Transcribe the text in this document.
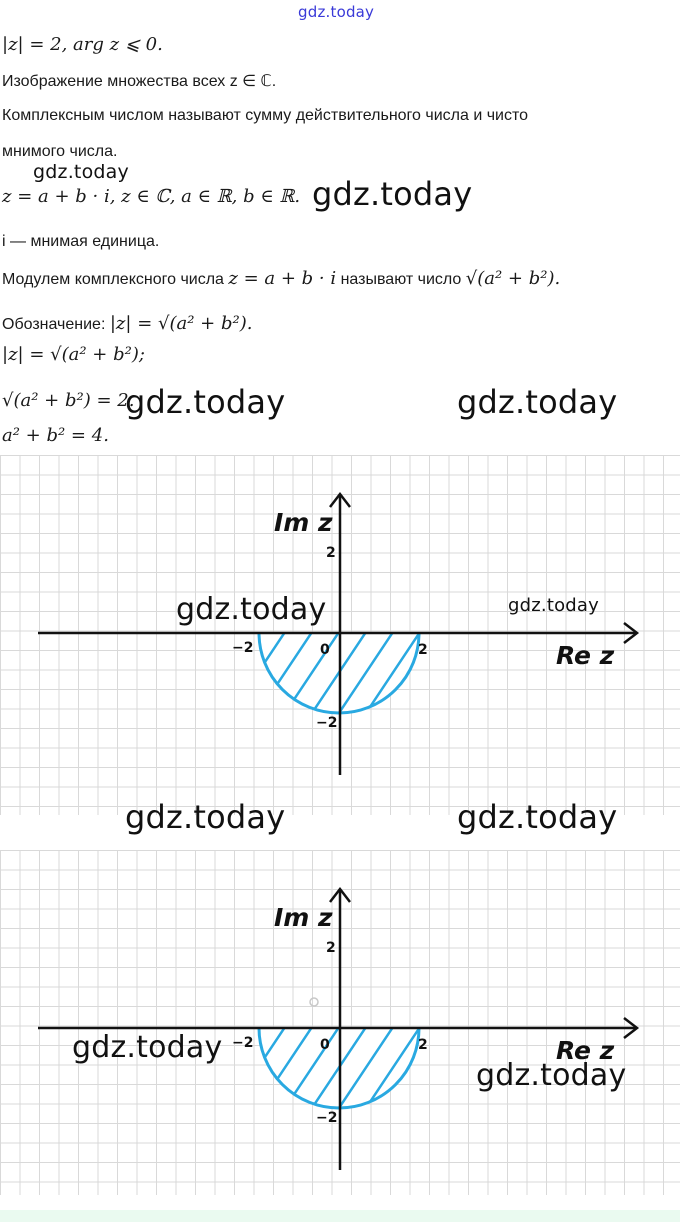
gdz.today
|z| = 2, arg z ⩽ 0.
Изображение множества всех z ∈ ℂ.
Комплексным числом называют сумму действительного числа и чисто
мнимого числа.
gdz.today
z = a + b · i, z ∈ ℂ, a ∈ ℝ, b ∈ ℝ. gdz.today
i — мнимая единица.
Модулем комплексного числа z = a + b · i называют число √(a² + b²).
Обозначение: |z| = √(a² + b²).
|z| = √(a² + b²);
√(a² + b²) = 2.
gdz.today	gdz.today
a² + b² = 4.
Im z
Re z
2
−2	0	2
−2
gdz.today	gdz.today
gdz.today	gdz.today
Im z
Re z
2
−2	0	2
−2
gdz.today
gdz.today
